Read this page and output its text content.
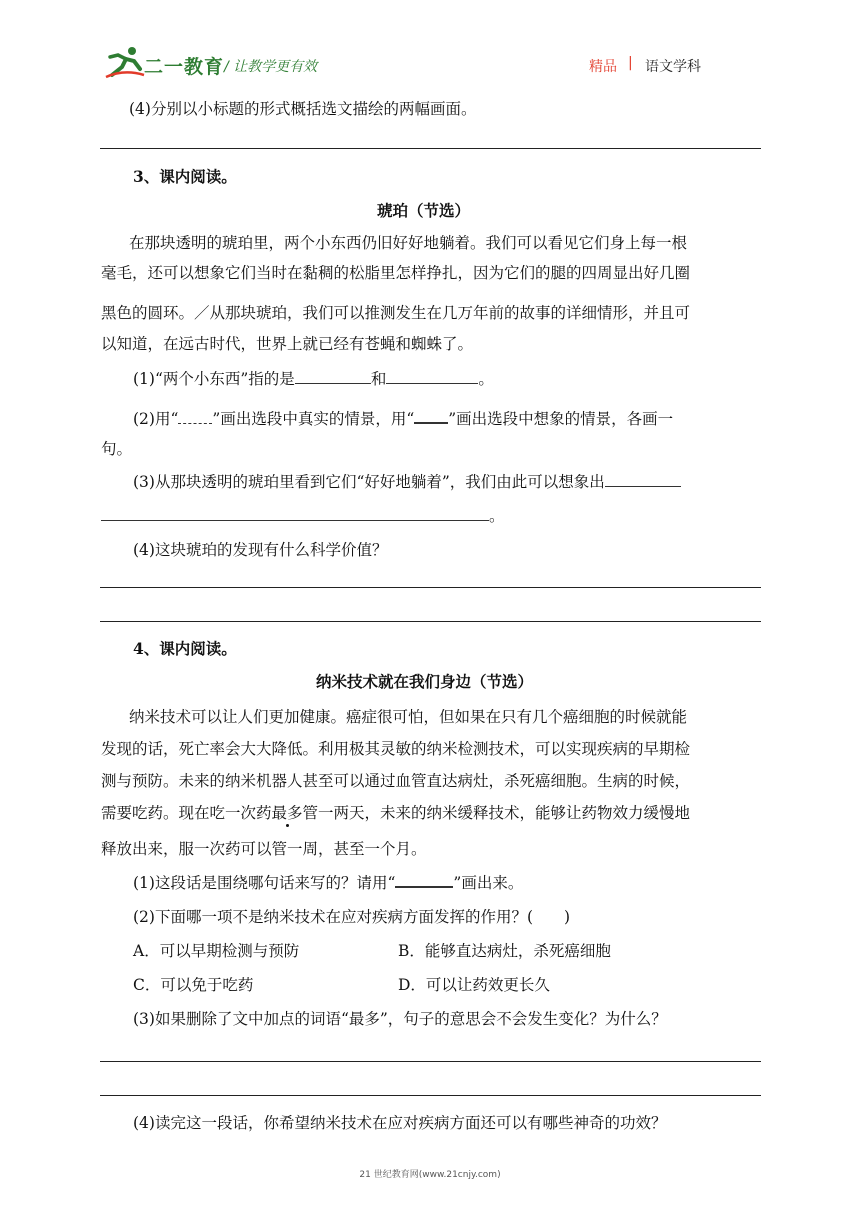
二一教育 / 让教学更有效	精品 | 语文学科
(4)分别以小标题的形式概括选文描绘的两幅画面。
3、课内阅读。
琥珀（节选）
在那块透明的琥珀里，两个小东西仍旧好好地躺着。我们可以看见它们身上每一根
毫毛，还可以想象它们当时在黏稠的松脂里怎样挣扎，因为它们的腿的四周显出好几圈
黑色的圆环。／从那块琥珀，我们可以推测发生在几万年前的故事的详细情形，并且可
以知道，在远古时代，世界上就已经有苍蝇和蜘蛛了。
(1)“两个小东西”指的是	和	。
(2)用“ ”画出选段中真实的情景，用“ ”画出选段中想象的情景，各画一
句。
(3)从那块透明的琥珀里看到它们“好好地躺着”，我们由此可以想象出
。
(4)这块琥珀的发现有什么科学价值？
4、课内阅读。
纳米技术就在我们身边（节选）
纳米技术可以让人们更加健康。癌症很可怕，但如果在只有几个癌细胞的时候就能
发现的话，死亡率会大大降低。利用极其灵敏的纳米检测技术，可以实现疾病的早期检
测与预防。未来的纳米机器人甚至可以通过血管直达病灶，杀死癌细胞。生病的时候，
需要吃药。现在吃一次药最多管一两天，未来的纳米缓释技术，能够让药物效力缓慢地
释放出来，服一次药可以管一周，甚至一个月。
(1)这段话是围绕哪句话来写的？请用“	”画出来。
(2)下面哪一项不是纳米技术在应对疾病方面发挥的作用？(　　)
A．可以早期检测与预防	B．能够直达病灶，杀死癌细胞
C．可以免于吃药	D．可以让药效更长久
(3)如果删除了文中加点的词语“最多”，句子的意思会不会发生变化？为什么？
(4)读完这一段话，你希望纳米技术在应对疾病方面还可以有哪些神奇的功效？
21 世纪教育网(www.21cnjy.com)
